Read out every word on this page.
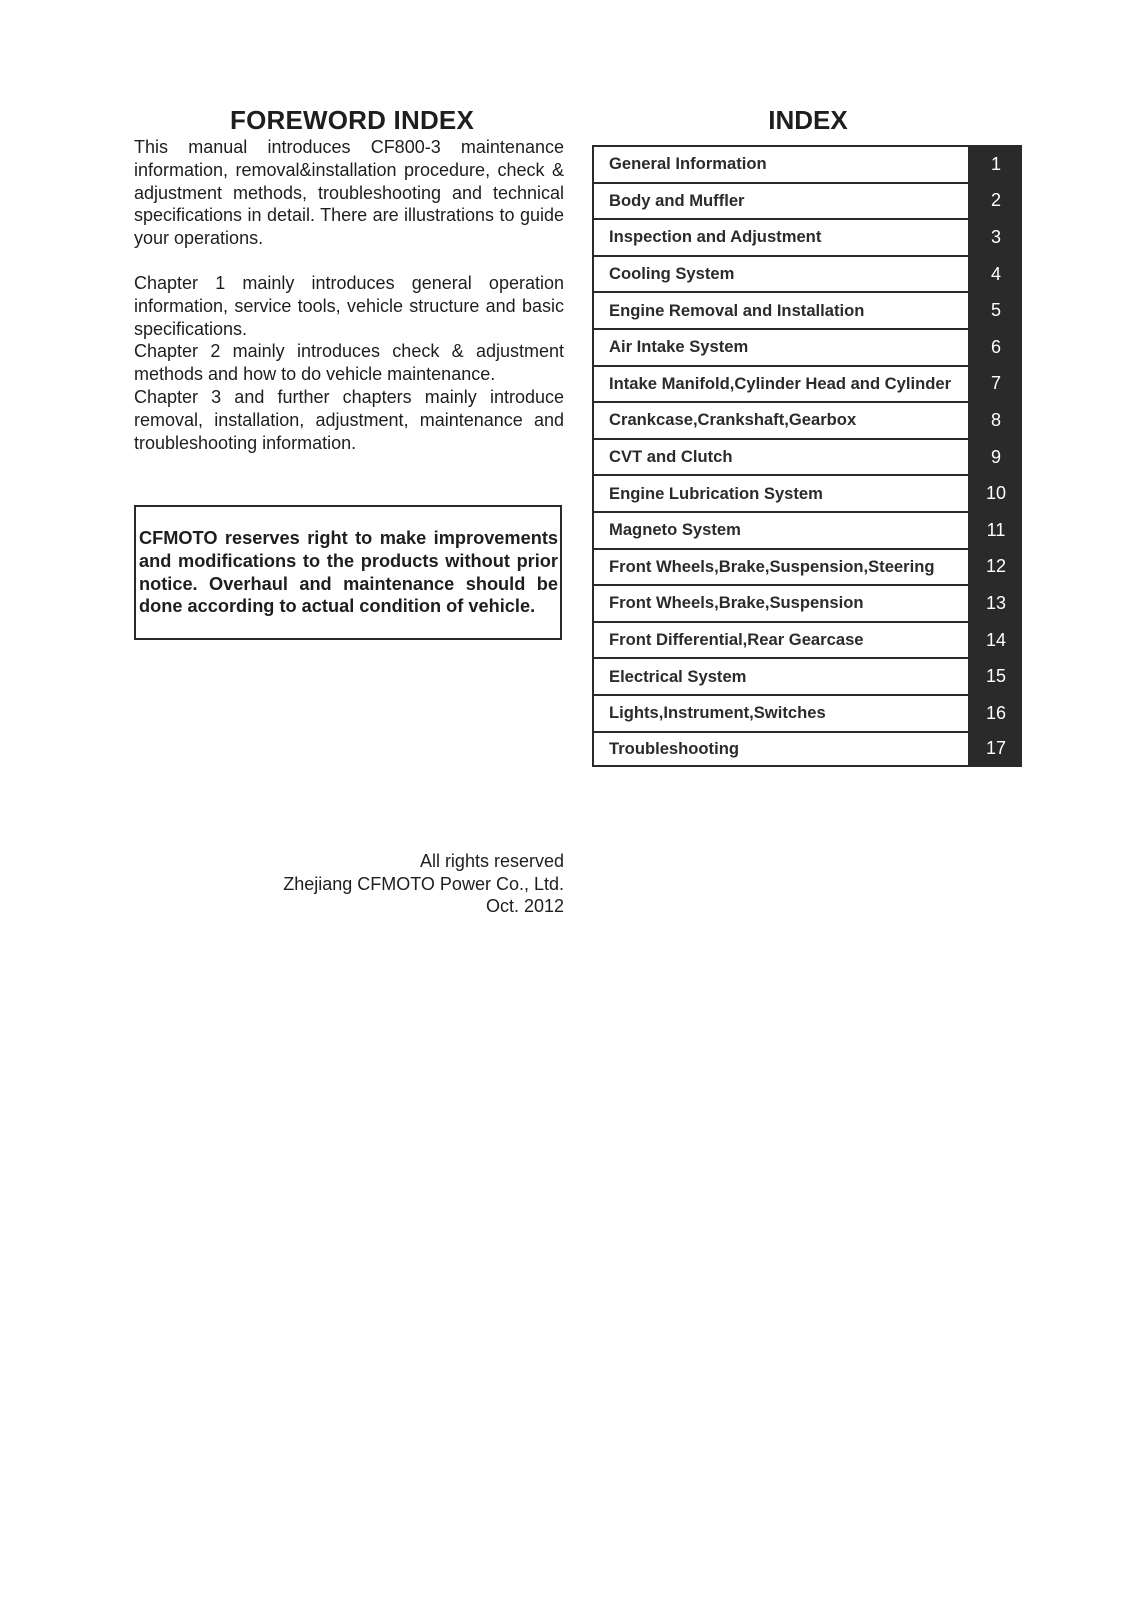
FOREWORD INDEX

This manual introduces CF800-3 maintenance information, removal&installation procedure, check & adjustment methods, troubleshooting and technical specifications in detail. There are illustrations to guide your operations.

Chapter 1 mainly introduces general operation information, service tools, vehicle structure and basic specifications.

Chapter 2 mainly introduces check & adjustment methods and how to do vehicle maintenance.

Chapter 3 and further chapters mainly introduce removal, installation, adjustment, maintenance and troubleshooting information.

CFMOTO reserves right to make improvements and modifications to the products without prior notice. Overhaul and maintenance should be done according to actual condition of vehicle.

All rights reserved
Zhejiang CFMOTO Power Co., Ltd.
Oct. 2012
INDEX
General Information	1
Body and Muffler	2
Inspection and Adjustment	3
Cooling System	4
Engine Removal and Installation	5
Air Intake System	6
Intake Manifold,Cylinder Head and Cylinder	7
Crankcase,Crankshaft,Gearbox	8
CVT and Clutch	9
Engine Lubrication System	10
Magneto System	11
Front Wheels,Brake,Suspension,Steering	12
Front Wheels,Brake,Suspension	13
Front Differential,Rear Gearcase	14
Electrical System	15
Lights,Instrument,Switches	16
Troubleshooting	17
